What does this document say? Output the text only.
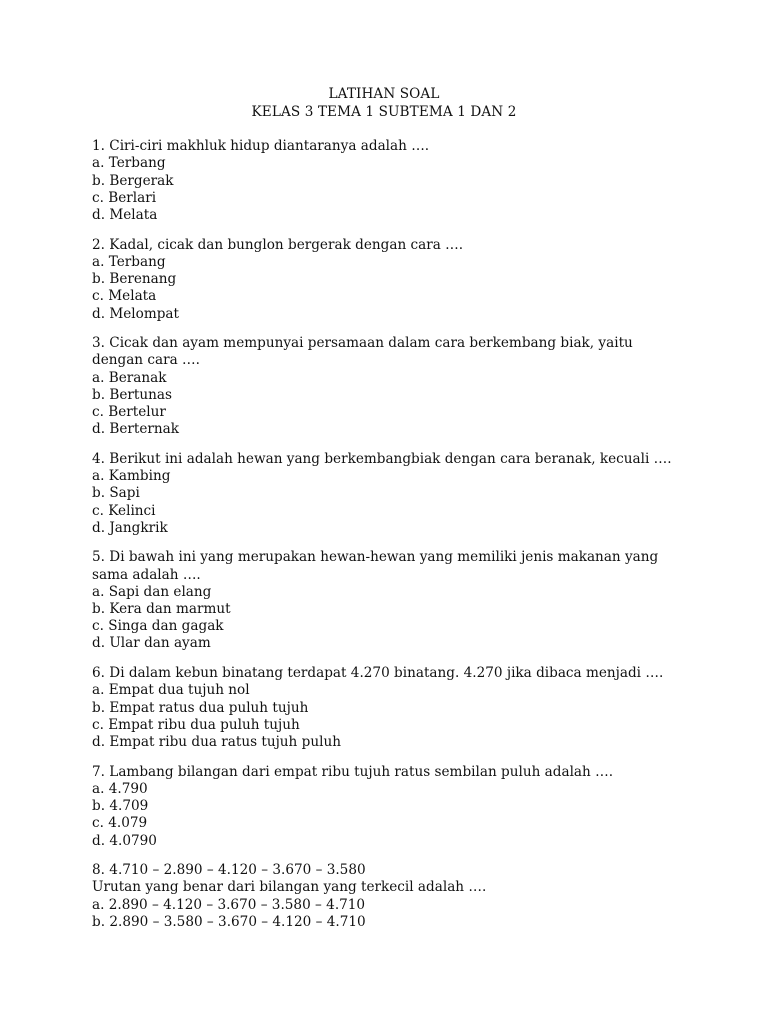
LATIHAN SOAL
KELAS 3 TEMA 1 SUBTEMA 1 DAN 2
1. Ciri-ciri makhluk hidup diantaranya adalah ….
a. Terbang
b. Bergerak
c. Berlari
d. Melata
2. Kadal, cicak dan bunglon bergerak dengan cara ….
a. Terbang
b. Berenang
c. Melata
d. Melompat
3. Cicak dan ayam mempunyai persamaan dalam cara berkembang biak, yaitu dengan cara ….
a. Beranak
b. Bertunas
c. Bertelur
d. Berternak
4. Berikut ini adalah hewan yang berkembangbiak dengan cara beranak, kecuali ….
a. Kambing
b. Sapi
c. Kelinci
d. Jangkrik
5. Di bawah ini yang merupakan hewan-hewan yang memiliki jenis makanan yang sama adalah ….
a. Sapi dan elang
b. Kera dan marmut
c. Singa dan gagak
d. Ular dan ayam
6. Di dalam kebun binatang terdapat 4.270 binatang. 4.270 jika dibaca menjadi ….
a. Empat dua tujuh nol
b. Empat ratus dua puluh tujuh
c. Empat ribu dua puluh tujuh
d. Empat ribu dua ratus tujuh puluh
7. Lambang bilangan dari empat ribu tujuh ratus sembilan puluh adalah ….
a. 4.790
b. 4.709
c. 4.079
d. 4.0790
8. 4.710 – 2.890 – 4.120 – 3.670 – 3.580
Urutan yang benar dari bilangan yang terkecil adalah ….
a. 2.890 – 4.120 – 3.670 – 3.580 – 4.710
b. 2.890 – 3.580 – 3.670 – 4.120 – 4.710
